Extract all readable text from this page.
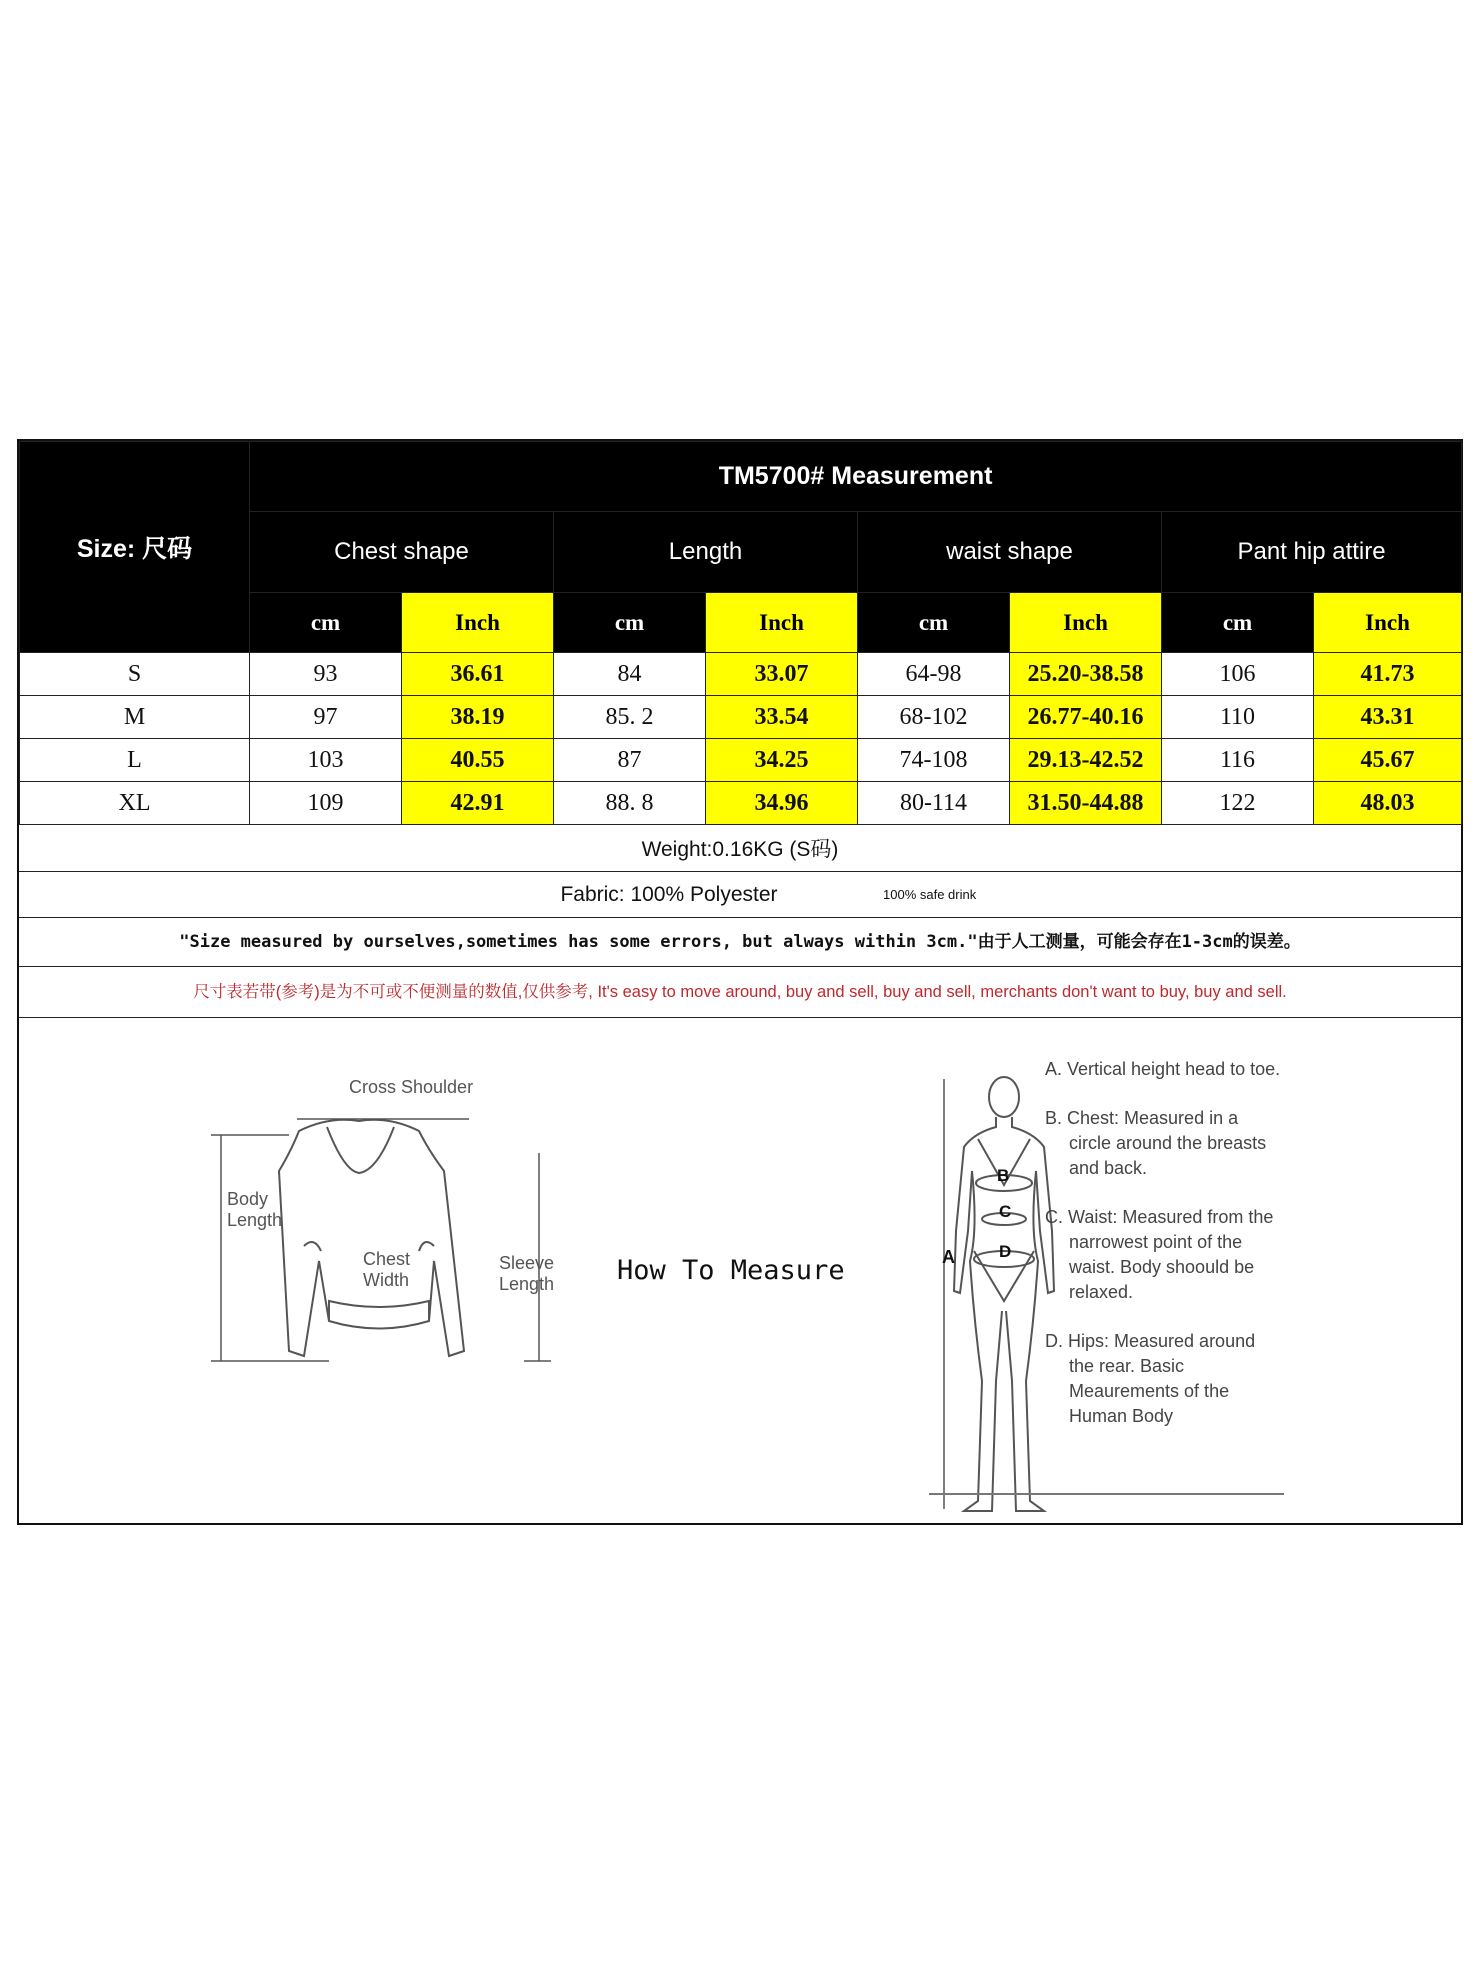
Size: 尺码	TM5700# Measurement							
	Chest shape		Length		waist shape		Pant hip attire	
	cm	Inch	cm	Inch	cm	Inch	cm	Inch
S	93	36.61	84	33.07	64-98	25.20-38.58	106	41.73
M	97	38.19	85. 2	33.54	68-102	26.77-40.16	110	43.31
L	103	40.55	87	34.25	74-108	29.13-42.52	116	45.67
XL	109	42.91	88. 8	34.96	80-114	31.50-44.88	122	48.03
Weight:0.16KG (S码)
Fabric: 100% Polyester	100% safe drink
"Size measured by ourselves,sometimes has some errors, but always within 3cm."由于人工测量，可能会存在1-3cm的误差。
尺寸表若带(参考)是为不可或不便测量的数值,仅供参考, It's easy to move around, buy and sell, buy and sell, merchants don't want to buy, buy and sell.
Cross Shoulder
Body Length
Chest Width
Sleeve Length	How To Measure
B
C
D
A
A. Vertical height head to toe.
B. Chest: Measured in a circle around the breasts and back.
C. Waist: Measured from the narrowest point of the waist. Body shoould be relaxed.
D. Hips: Measured around the rear. Basic Meaurements of the Human Body
